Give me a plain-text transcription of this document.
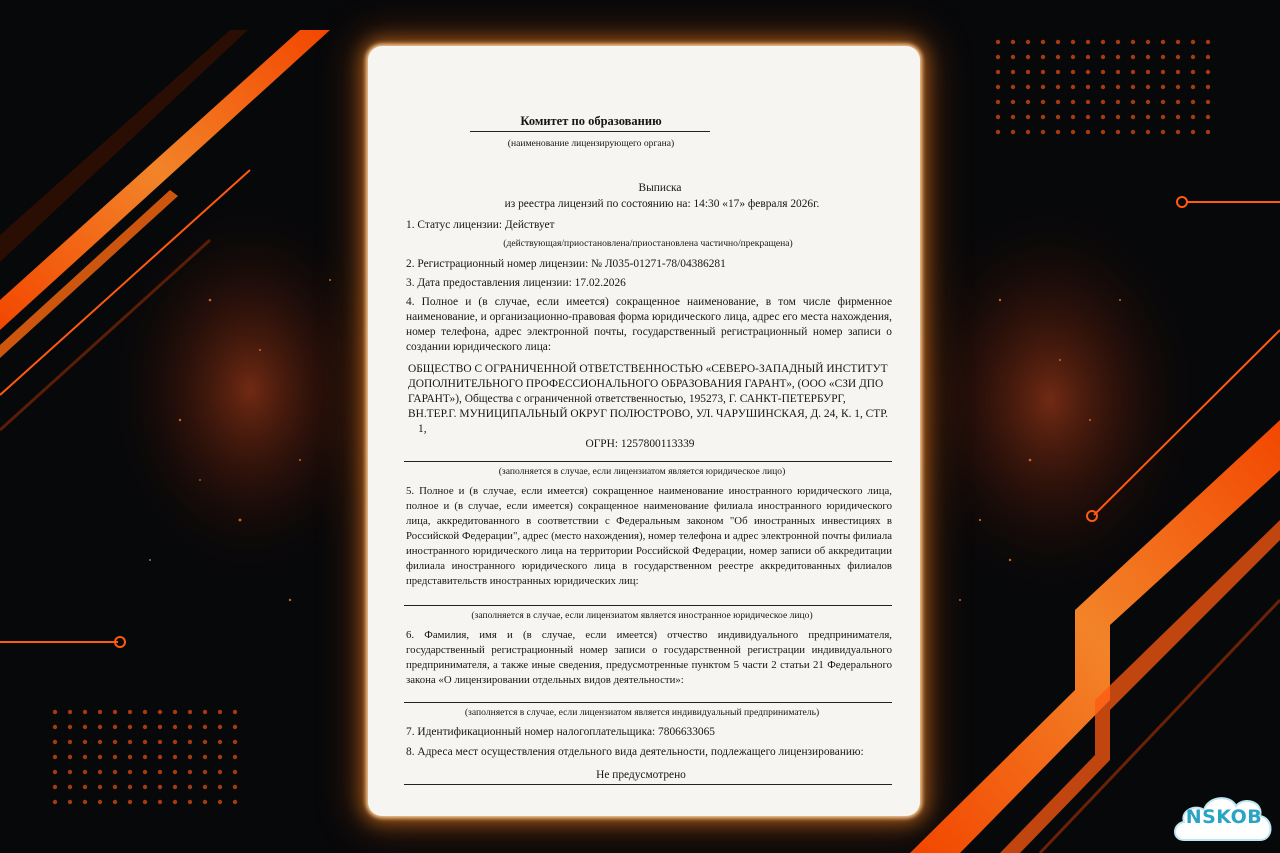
Комитет по образованию
(наименование лицензирующего органа)
Выписка
из реестра лицензий по состоянию на: 14:30 «17» февраля 2026г.
1. Статус лицензии: Действует
(действующая/приостановлена/приостановлена частично/прекращена)
2. Регистрационный номер лицензии: № Л035-01271-78/04386281
3. Дата предоставления лицензии: 17.02.2026
4. Полное и (в случае, если имеется) сокращенное наименование, в том числе фирменное наименование, и организационно-правовая форма юридического лица, адрес его места нахождения, номер телефона, адрес электронной почты, государственный регистрационный номер записи о создании юридического лица:
ОБЩЕСТВО С ОГРАНИЧЕННОЙ ОТВЕТСТВЕННОСТЬЮ «СЕВЕРО-ЗАПАДНЫЙ ИНСТИТУТ
ДОПОЛНИТЕЛЬНОГО ПРОФЕССИОНАЛЬНОГО ОБРАЗОВАНИЯ ГАРАНТ», (ООО «СЗИ ДПО
ГАРАНТ»), Общества с ограниченной ответственностью, 195273, Г. САНКТ-ПЕТЕРБУРГ,
ВН.ТЕР.Г. МУНИЦИПАЛЬНЫЙ ОКРУГ ПОЛЮСТРОВО, УЛ. ЧАРУШИНСКАЯ, Д. 24, К. 1, СТР.
1,
ОГРН: 1257800113339
(заполняется в случае, если лицензиатом является юридическое лицо)
5. Полное и (в случае, если имеется) сокращенное наименование иностранного юридического лица, полное и (в случае, если имеется) сокращенное наименование филиала иностранного юридического лица, аккредитованного в соответствии с Федеральным законом "Об иностранных инвестициях в Российской Федерации", адрес (место нахождения), номер телефона и адрес электронной почты филиала иностранного юридического лица на территории Российской Федерации, номер записи об аккредитации филиала иностранного юридического лица в государственном реестре аккредитованных филиалов представительств иностранных юридических лиц:
(заполняется в случае, если лицензиатом является иностранное юридическое лицо)
6. Фамилия, имя и (в случае, если имеется) отчество индивидуального предпринимателя, государственный регистрационный номер записи о государственной регистрации индивидуального предпринимателя, а также иные сведения, предусмотренные пунктом 5 части 2 статьи 21 Федерального закона «О лицензировании отдельных видов деятельности»:
(заполняется в случае, если лицензиатом является индивидуальный предприниматель)
7. Идентификационный номер налогоплательщика: 7806633065
8. Адреса мест осуществления отдельного вида деятельности, подлежащего лицензированию:
Не предусмотрено
NSKOB
